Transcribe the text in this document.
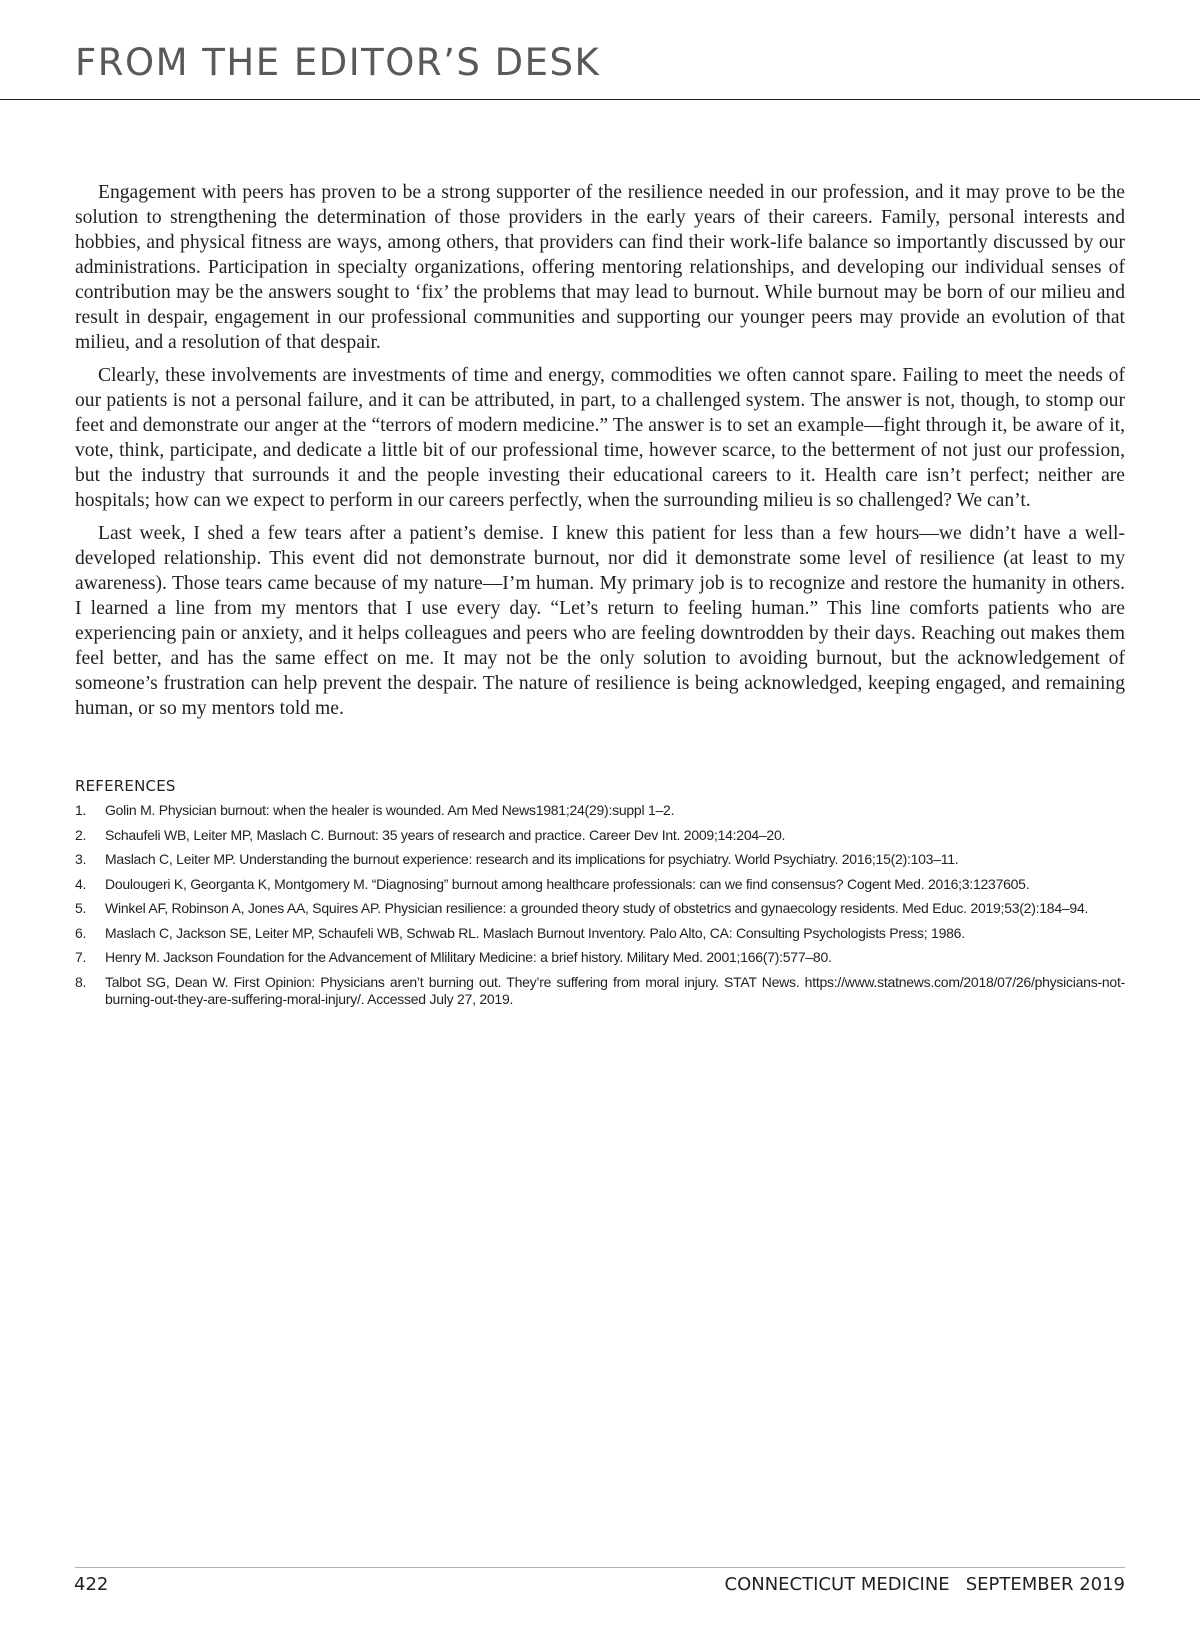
FROM THE EDITOR’S DESK

Engagement with peers has proven to be a strong supporter of the resilience needed in our profession, and it may prove to be the solution to strengthening the determination of those providers in the early years of their careers. Family, personal interests and hobbies, and physical fitness are ways, among others, that providers can find their work-life balance so importantly discussed by our administrations. Participation in specialty organizations, offering mentoring relationships, and developing our individual senses of contribution may be the answers sought to ‘fix’ the problems that may lead to burnout. While burnout may be born of our milieu and result in despair, engagement in our professional communities and supporting our younger peers may provide an evolution of that milieu, and a resolution of that despair.

Clearly, these involvements are investments of time and energy, commodities we often cannot spare. Failing to meet the needs of our patients is not a personal failure, and it can be attributed, in part, to a challenged system. The answer is not, though, to stomp our feet and demonstrate our anger at the “terrors of modern medicine.” The answer is to set an example—fight through it, be aware of it, vote, think, participate, and dedicate a little bit of our professional time, however scarce, to the betterment of not just our profession, but the industry that surrounds it and the people investing their educational careers to it. Health care isn’t perfect; neither are hospitals; how can we expect to perform in our careers perfectly, when the surrounding milieu is so challenged? We can’t.

Last week, I shed a few tears after a patient’s demise. I knew this patient for less than a few hours—we didn’t have a well-developed relationship. This event did not demonstrate burnout, nor did it demonstrate some level of resilience (at least to my awareness). Those tears came because of my nature—I’m human. My primary job is to recognize and restore the humanity in others. I learned a line from my mentors that I use every day. “Let’s return to feeling human.” This line comforts patients who are experiencing pain or anxiety, and it helps colleagues and peers who are feeling downtrodden by their days. Reaching out makes them feel better, and has the same effect on me. It may not be the only solution to avoiding burnout, but the acknowledgement of someone’s frustration can help prevent the despair. The nature of resilience is being acknowledged, keeping engaged, and remaining human, or so my mentors told me.

REFERENCES
1.	Golin M. Physician burnout: when the healer is wounded. Am Med News1981;24(29):suppl 1–2.
2.	Schaufeli WB, Leiter MP, Maslach C. Burnout: 35 years of research and practice. Career Dev Int. 2009;14:204–20.
3.	Maslach C, Leiter MP. Understanding the burnout experience: research and its implications for psychiatry. World Psychiatry. 2016;15(2):103–11.
4.	Doulougeri K, Georganta K, Montgomery M. “Diagnosing” burnout among healthcare professionals: can we find consensus? Cogent Med. 2016;3:1237605.
5.	Winkel AF, Robinson A, Jones AA, Squires AP. Physician resilience: a grounded theory study of obstetrics and gynaecology residents. Med Educ. 2019;53(2):184–94.
6.	Maslach C, Jackson SE, Leiter MP, Schaufeli WB, Schwab RL. Maslach Burnout Inventory. Palo Alto, CA: Consulting Psychologists Press; 1986.
7.	Henry M. Jackson Foundation for the Advancement of Mlilitary Medicine: a brief history. Military Med. 2001;166(7):577–80.
8.	Talbot SG, Dean W. First Opinion: Physicians aren’t burning out. They’re suffering from moral injury. STAT News. https://www.statnews.com/2018/07/26/physicians-not-burning-out-they-are-suffering-moral-injury/. Accessed July 27, 2019.
422	CONNECTICUT MEDICINE SEPTEMBER 2019
